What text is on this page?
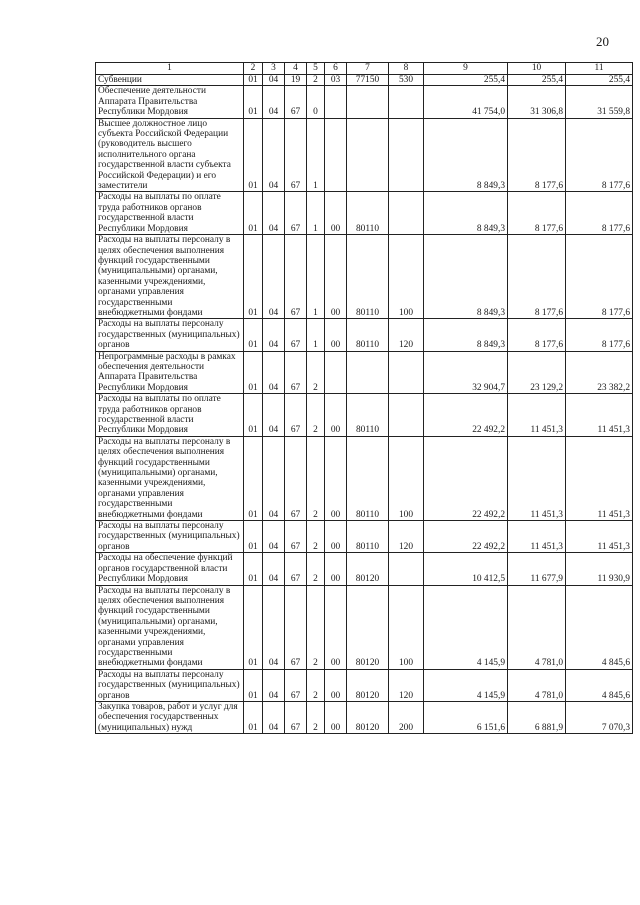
20
1	2	3	4	5	6	7	8	9	10	11
Субвенции	01	04	19	2	03	77150	530	255,4	255,4	255,4
Обеспечение деятельности Аппарата Правительства Республики Мордовия	01	04	67	0				41 754,0	31 306,8	31 559,8
Высшее должностное лицо субъекта Российской Федерации (руководитель высшего исполнительного органа государственной власти субъекта Российской Федерации) и его заместители	01	04	67	1				8 849,3	8 177,6	8 177,6
Расходы на выплаты по оплате труда работников органов государственной власти Республики Мордовия	01	04	67	1	00	80110		8 849,3	8 177,6	8 177,6
Расходы на выплаты персоналу в целях обеспечения выполнения функций государственными (муниципальными) органами, казенными учреждениями, органами управления государственными внебюджетными фондами	01	04	67	1	00	80110	100	8 849,3	8 177,6	8 177,6
Расходы на выплаты персоналу государственных (муниципальных) органов	01	04	67	1	00	80110	120	8 849,3	8 177,6	8 177,6
Непрограммные расходы в рамках обеспечения деятельности Аппарата Правительства Республики Мордовия	01	04	67	2				32 904,7	23 129,2	23 382,2
Расходы на выплаты по оплате труда работников органов государственной власти Республики Мордовия	01	04	67	2	00	80110		22 492,2	11 451,3	11 451,3
Расходы на выплаты персоналу в целях обеспечения выполнения функций государственными (муниципальными) органами, казенными учреждениями, органами управления государственными внебюджетными фондами	01	04	67	2	00	80110	100	22 492,2	11 451,3	11 451,3
Расходы на выплаты персоналу государственных (муниципальных) органов	01	04	67	2	00	80110	120	22 492,2	11 451,3	11 451,3
Расходы на обеспечение функций органов государственной власти Республики Мордовия	01	04	67	2	00	80120		10 412,5	11 677,9	11 930,9
Расходы на выплаты персоналу в целях обеспечения выполнения функций государственными (муниципальными) органами, казенными учреждениями, органами управления государственными внебюджетными фондами	01	04	67	2	00	80120	100	4 145,9	4 781,0	4 845,6
Расходы на выплаты персоналу государственных (муниципальных) органов	01	04	67	2	00	80120	120	4 145,9	4 781,0	4 845,6
Закупка товаров, работ и услуг для обеспечения государственных (муниципальных) нужд	01	04	67	2	00	80120	200	6 151,6	6 881,9	7 070,3
